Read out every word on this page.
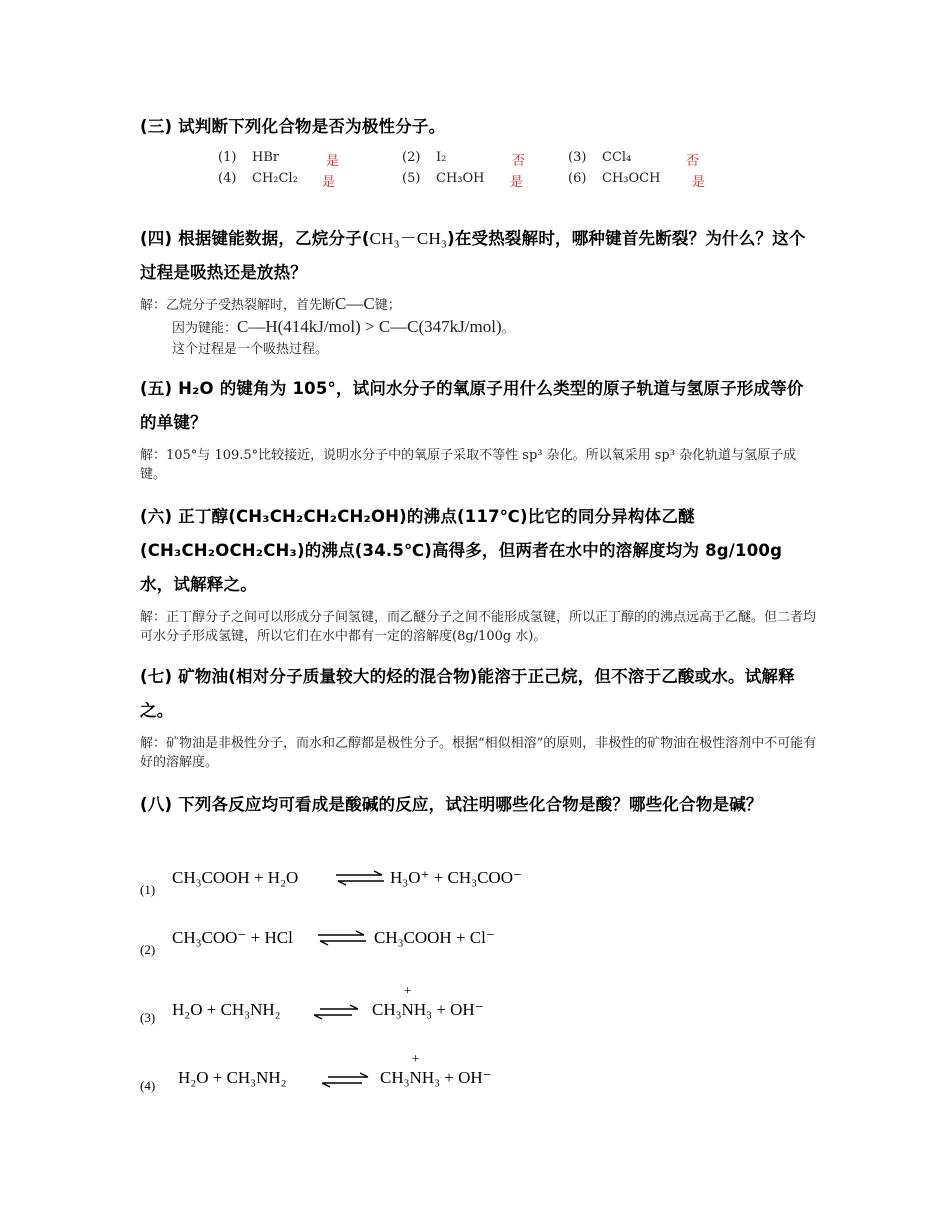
(三) 试判断下列化合物是否为极性分子。
(1) HBr	是	(2) I₂	否	(3) CCl₄	否
(4) CH₂Cl₂ 是	(5) CH₃OH 是	(6) CH₃OCH 是
(四) 根据键能数据，乙烷分子(CH₃－CH₃)在受热裂解时，哪种键首先断裂？为什么？这个过程是吸热还是放热？
解：乙烷分子受热裂解时，首先断C—C键；
因为键能：C—H(414kJ/mol) > C—C(347kJ/mol)。
这个过程是一个吸热过程。
(五) H₂O 的键角为 105°，试问水分子的氧原子用什么类型的原子轨道与氢原子形成等价的单键？
解：105°与 109.5°比较接近，说明水分子中的氧原子采取不等性 sp³ 杂化。所以氧采用 sp³ 杂化轨道与氢原子成键。
(六) 正丁醇(CH₃CH₂CH₂CH₂OH)的沸点(117℃)比它的同分异构体乙醚(CH₃CH₂OCH₂CH₃)的沸点(34.5℃)高得多，但两者在水中的溶解度均为 8g/100g 水，试解释之。
解：正丁醇分子之间可以形成分子间氢键，而乙醚分子之间不能形成氢键，所以正丁醇的的沸点远高于乙醚。但二者均可水分子形成氢键，所以它们在水中都有一定的溶解度(8g/100g 水)。
(七) 矿物油(相对分子质量较大的烃的混合物)能溶于正己烷，但不溶于乙酸或水。试解释之。
解：矿物油是非极性分子，而水和乙醇都是极性分子。根据“相似相溶”的原则，非极性的矿物油在极性溶剂中不可能有好的溶解度。
(八) 下列各反应均可看成是酸碱的反应，试注明哪些化合物是酸？哪些化合物是碱？
(1)
CH₃COOH + H₂O ⇌ H₃O⁺ + CH₃COO⁻
(2)
CH₃COO⁻ + HCl ⇌ CH₃COOH + Cl⁻
(3) H₂O + CH₃NH₂ ⇌ CH₃
+
NH₃ + OH⁻
(4) H₂O + CH₃NH₂ ⇌ CH₃
+
NH₃ + OH⁻
